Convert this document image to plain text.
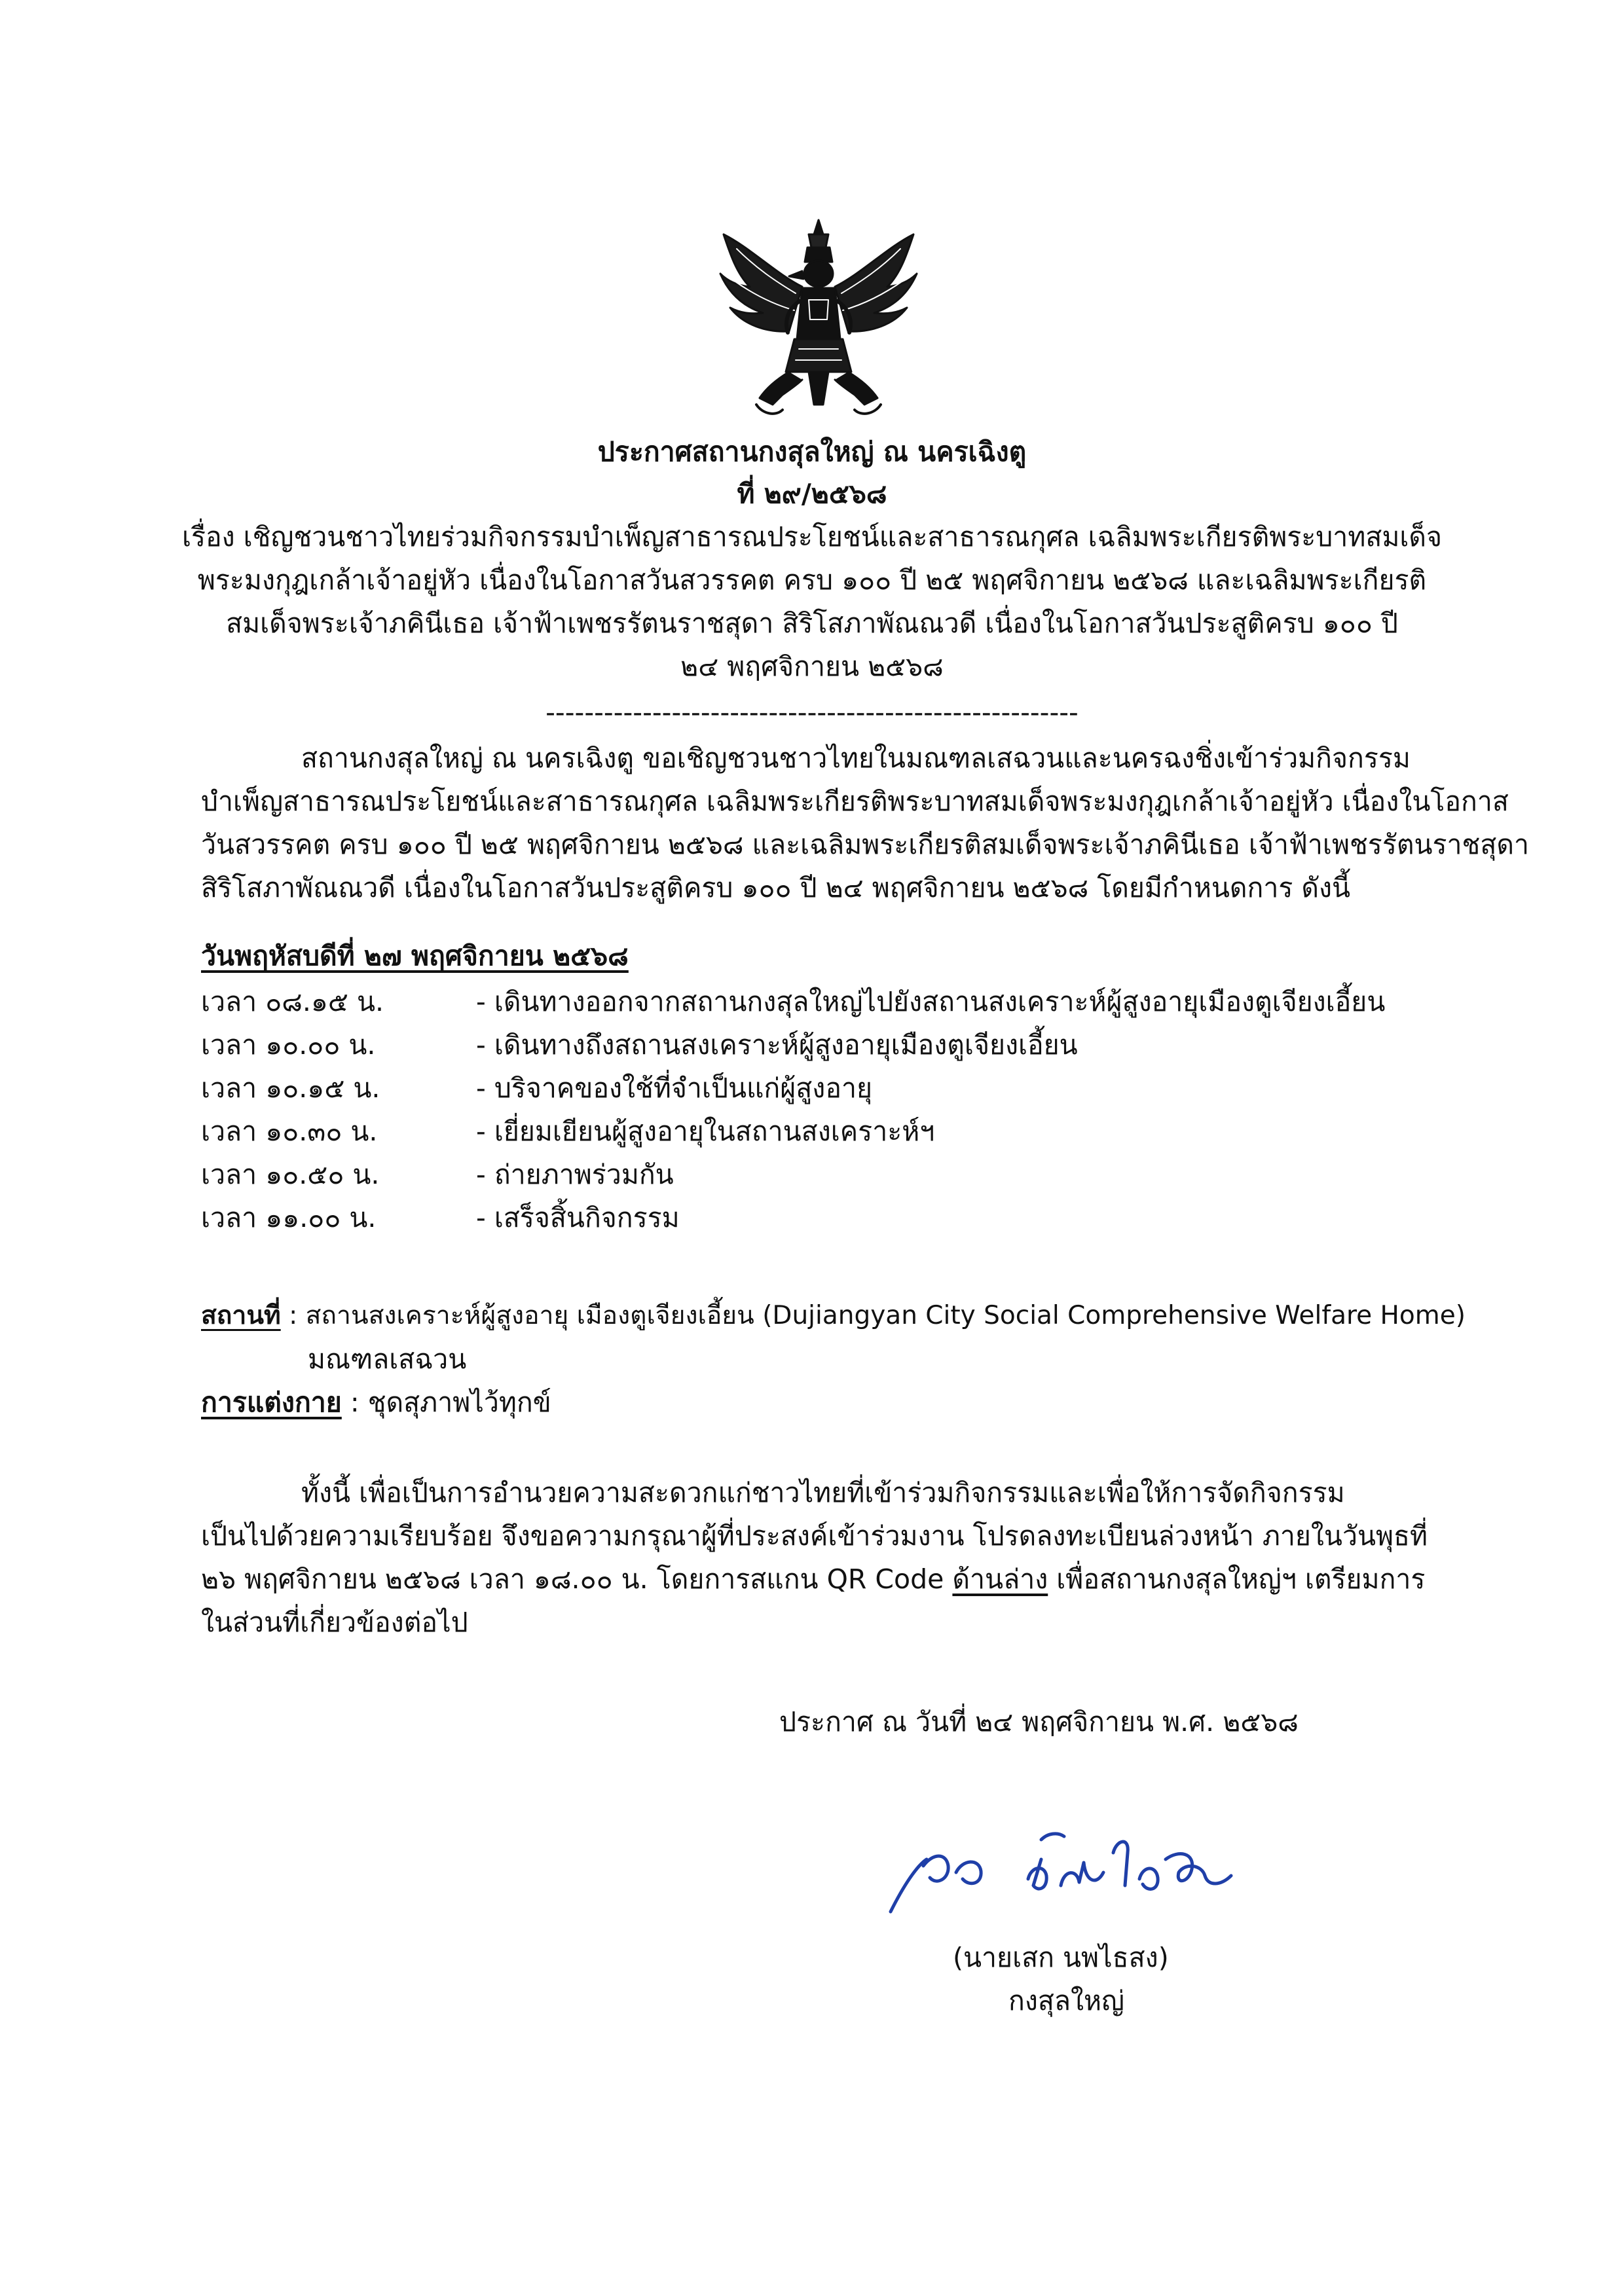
ประกาศสถานกงสุลใหญ่ ณ นครเฉิงตู
ที่ ๒๙/๒๕๖๘
เรื่อง เชิญชวนชาวไทยร่วมกิจกรรมบำเพ็ญสาธารณประโยชน์และสาธารณกุศล เฉลิมพระเกียรติพระบาทสมเด็จ
พระมงกุฎเกล้าเจ้าอยู่หัว เนื่องในโอกาสวันสวรรคต ครบ ๑๐๐ ปี ๒๕ พฤศจิกายน ๒๕๖๘ และเฉลิมพระเกียรติ
สมเด็จพระเจ้าภคินีเธอ เจ้าฟ้าเพชรรัตนราชสุดา สิริโสภาพัณณวดี เนื่องในโอกาสวันประสูติครบ ๑๐๐ ปี
๒๔ พฤศจิกายน ๒๕๖๘
-------------------------------------------------------
สถานกงสุลใหญ่ ณ นครเฉิงตู ขอเชิญชวนชาวไทยในมณฑลเสฉวนและนครฉงชิ่งเข้าร่วมกิจกรรม
บำเพ็ญสาธารณประโยชน์และสาธารณกุศล เฉลิมพระเกียรติพระบาทสมเด็จพระมงกุฎเกล้าเจ้าอยู่หัว เนื่องในโอกาส
วันสวรรคต ครบ ๑๐๐ ปี ๒๕ พฤศจิกายน ๒๕๖๘ และเฉลิมพระเกียรติสมเด็จพระเจ้าภคินีเธอ เจ้าฟ้าเพชรรัตนราชสุดา
สิริโสภาพัณณวดี เนื่องในโอกาสวันประสูติครบ ๑๐๐ ปี ๒๔ พฤศจิกายน ๒๕๖๘ โดยมีกำหนดการ ดังนี้
วันพฤหัสบดีที่ ๒๗ พฤศจิกายน ๒๕๖๘
เวลา ๐๘.๑๕ น.	- เดินทางออกจากสถานกงสุลใหญ่ไปยังสถานสงเคราะห์ผู้สูงอายุเมืองตูเจียงเอี้ยน
เวลา ๑๐.๐๐ น.	- เดินทางถึงสถานสงเคราะห์ผู้สูงอายุเมืองตูเจียงเอี้ยน
เวลา ๑๐.๑๕ น.	- บริจาคของใช้ที่จำเป็นแก่ผู้สูงอายุ
เวลา ๑๐.๓๐ น.	- เยี่ยมเยียนผู้สูงอายุในสถานสงเคราะห์ฯ
เวลา ๑๐.๕๐ น.	- ถ่ายภาพร่วมกัน
เวลา ๑๑.๐๐ น.	- เสร็จสิ้นกิจกรรม
สถานที่ : สถานสงเคราะห์ผู้สูงอายุ เมืองตูเจียงเอี้ยน (Dujiangyan City Social Comprehensive Welfare Home)
มณฑลเสฉวน
การแต่งกาย : ชุดสุภาพไว้ทุกข์
ทั้งนี้ เพื่อเป็นการอำนวยความสะดวกแก่ชาวไทยที่เข้าร่วมกิจกรรมและเพื่อให้การจัดกิจกรรม
เป็นไปด้วยความเรียบร้อย จึงขอความกรุณาผู้ที่ประสงค์เข้าร่วมงาน โปรดลงทะเบียนล่วงหน้า ภายในวันพุธที่
๒๖ พฤศจิกายน ๒๕๖๘ เวลา ๑๘.๐๐ น. โดยการสแกน QR Code ด้านล่าง เพื่อสถานกงสุลใหญ่ฯ เตรียมการ
ในส่วนที่เกี่ยวข้องต่อไป
ประกาศ ณ วันที่ ๒๔ พฤศจิกายน พ.ศ. ๒๕๖๘
(นายเสก นพไธสง)
กงสุลใหญ่
